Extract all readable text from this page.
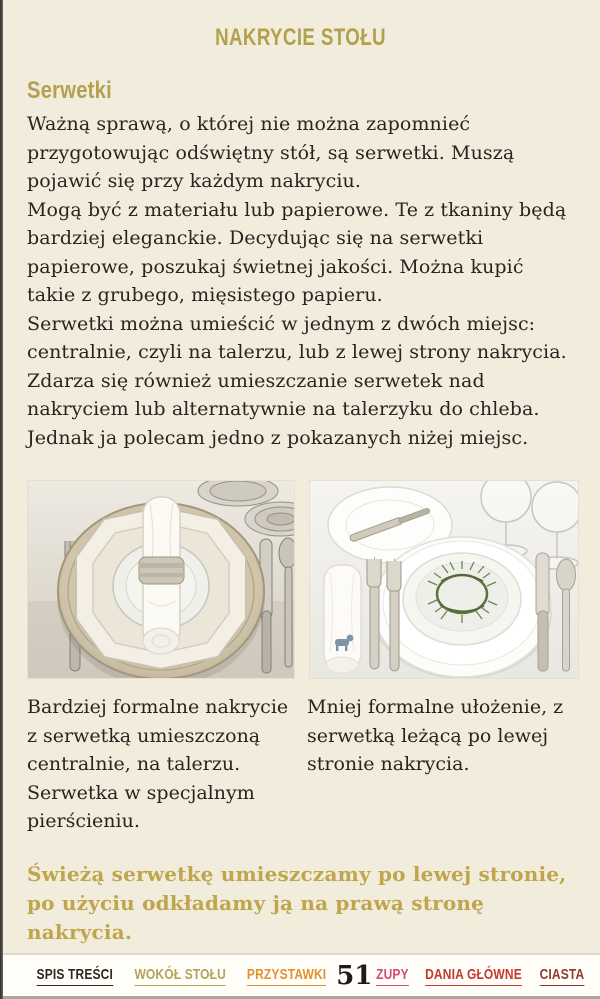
NAKRYCIE STOŁU
Serwetki

Ważną sprawą, o której nie można zapomnieć przygotowując odświętny stół, są serwetki. Muszą pojawić się przy każdym nakryciu.

Mogą być z materiału lub papierowe. Te z tkaniny będą bardziej eleganckie. Decydując się na serwetki papierowe, poszukaj świetnej jakości. Można kupić takie z grubego, mięsistego papieru.

Serwetki można umieścić w jednym z dwóch miejsc: centralnie, czyli na talerzu, lub z lewej strony nakrycia. Zdarza się również umieszczanie serwetek nad nakryciem lub alternatywnie na talerzyku do chleba. Jednak ja polecam jedno z pokazanych niżej miejsc.

Bardziej formalne nakrycie z serwetką umieszczoną centralnie, na talerzu. Serwetka w specjalnym pierścieniu.

Mniej formalne ułożenie, z serwetką leżącą po lewej stronie nakrycia.

Świeżą serwetkę umieszczamy po lewej stronie, po użyciu odkładamy ją na prawą stronę nakrycia.

SPIS TREŚCI WOKÓŁ STOŁU PRZYSTAWKI 51 ZUPY DANIA GŁÓWNE CIASTA
